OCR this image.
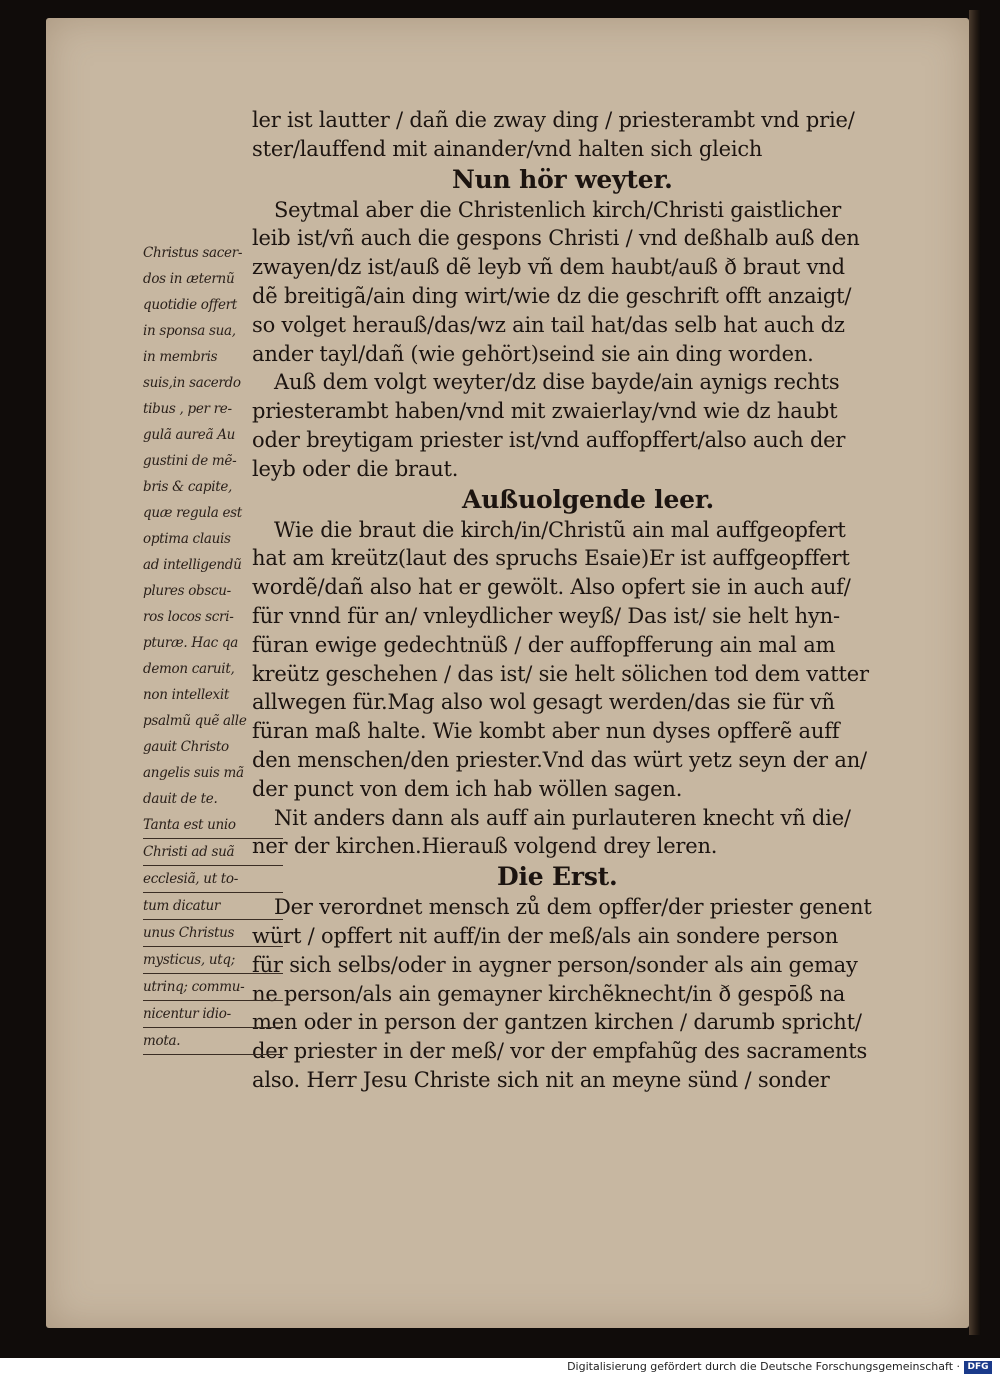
ler ist lautter / dañ die zway ding / priesterambt vnd prie/
ster/lauffend mit ainander/vnd halten sich gleich
Nun hör weyter.
Seytmal aber die Christenlich kirch/Christi gaistlicher
leib ist/vñ auch die gespons Christi / vnd deßhalb auß den
zwayen/dz ist/auß dẽ leyb vñ dem haubt/auß ð braut vnd
dẽ breitigã/ain ding wirt/wie dz die geschrift offt anzaigt/
so volget herauß/das/wz ain tail hat/das selb hat auch dz
ander tayl/dañ (wie gehört)seind sie ain ding worden.
Auß dem volgt weyter/dz dise bayde/ain aynigs rechts
priesterambt haben/vnd mit zwaierlay/vnd wie dz haubt
oder breytigam priester ist/vnd auffopffert/also auch der
leyb oder die braut.
Außuolgende leer.
Wie die braut die kirch/in/Christũ ain mal auffgeopfert
hat am kreütz(laut des spruchs Esaie)Er ist auffgeopffert
wordẽ/dañ also hat er gewölt. Also opfert sie in auch auf/
für vnnd für an/ vnleydlicher weyß/ Das ist/ sie helt hyn-
füran ewige gedechtnüß / der auffopfferung ain mal am
kreütz geschehen / das ist/ sie helt sölichen tod dem vatter
allwegen für.Mag also wol gesagt werden/das sie für vñ
füran maß halte. Wie kombt aber nun dyses opfferẽ auff
den menschen/den priester.Vnd das würt yetz seyn der an/
der punct von dem ich hab wöllen sagen.
Nit anders dann als auff ain purlauteren knecht vñ die/
ner der kirchen.Hierauß volgend drey leren.
Die Erst.
Der verordnet mensch zů dem opffer/der priester genent
würt / opffert nit auff/in der meß/als ain sondere person
für sich selbs/oder in aygner person/sonder als ain gemay
ne person/als ain gemayner kirchẽknecht/in ð gespōß na
men oder in person der gantzen kirchen / darumb spricht/
der priester in der meß/ vor der empfahũg des sacraments
also. Herr Jesu Christe sich nit an meyne sünd / sonder
Christus sacer-
dos in æternũ
quotidie offert
in sponsa sua,
in membris
suis,in sacerdo
tibus , per re-
gulã aureã Au
gustini de mẽ-
bris & capite,
quæ regula est
optima clauis
ad intelligendũ
plures obscu-
ros locos scri-
pturæ. Hac qa
demon caruit,
non intellexit
psalmũ quẽ alle
gauit Christo
angelis suis mã
dauit de te.
Tanta est unio
Christi ad suã
ecclesiã, ut to-
tum dicatur
unus Christus
mysticus, utq;
utrinq; commu-
nicentur idio-
mota.
Digitalisierung gefördert durch die Deutsche Forschungsgemeinschaft · DFG
